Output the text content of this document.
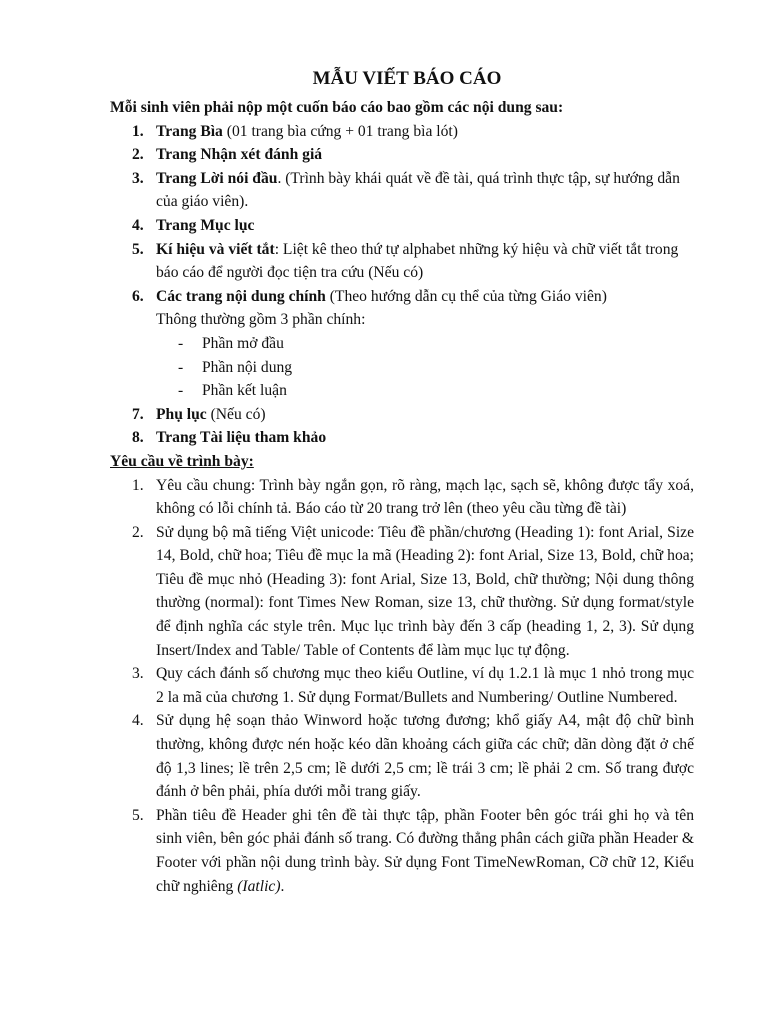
MẪU VIẾT BÁO CÁO

Mỗi sinh viên phải nộp một cuốn báo cáo bao gồm các nội dung sau:

1. Trang Bìa (01 trang bìa cứng + 01 trang bìa lót)
2. Trang Nhận xét đánh giá
3. Trang Lời nói đầu. (Trình bày khái quát về đề tài, quá trình thực tập, sự hướng dẫn của giáo viên).
4. Trang Mục lục
5. Kí hiệu và viết tắt: Liệt kê theo thứ tự alphabet những ký hiệu và chữ viết tắt trong báo cáo để người đọc tiện tra cứu (Nếu có)
6. Các trang nội dung chính (Theo hướng dẫn cụ thể của từng Giáo viên)

Thông thường gồm 3 phần chính:

- Phần mở đầu
- Phần nội dung
- Phần kết luận
7. Phụ lục (Nếu có)
8. Trang Tài liệu tham khảo

Yêu cầu về trình bày:

1. Yêu cầu chung: Trình bày ngắn gọn, rõ ràng, mạch lạc, sạch sẽ, không được tẩy xoá, không có lỗi chính tả. Báo cáo từ 20 trang trở lên (theo yêu cầu từng đề tài)
2. Sử dụng bộ mã tiếng Việt unicode: Tiêu đề phần/chương (Heading 1): font Arial, Size 14, Bold, chữ hoa; Tiêu đề mục la mã (Heading 2): font Arial, Size 13, Bold, chữ hoa; Tiêu đề mục nhỏ (Heading 3): font Arial, Size 13, Bold, chữ thường; Nội dung thông thường (normal): font Times New Roman, size 13, chữ thường. Sử dụng format/style để định nghĩa các style trên. Mục lục trình bày đến 3 cấp (heading 1, 2, 3). Sử dụng Insert/Index and Table/ Table of Contents để làm mục lục tự động.
3. Quy cách đánh số chương mục theo kiểu Outline, ví dụ 1.2.1 là mục 1 nhỏ trong mục 2 la mã của chương 1. Sử dụng Format/Bullets and Numbering/ Outline Numbered.
4. Sử dụng hệ soạn thảo Winword hoặc tương đương; khổ giấy A4, mật độ chữ bình thường, không được nén hoặc kéo dãn khoảng cách giữa các chữ; dãn dòng đặt ở chế độ 1,3 lines; lề trên 2,5 cm; lề dưới 2,5 cm; lề trái 3 cm; lề phải 2 cm. Số trang được đánh ở bên phải, phía dưới mỗi trang giấy.
5. Phần tiêu đề Header ghi tên đề tài thực tập, phần Footer bên góc trái ghi họ và tên sinh viên, bên góc phải đánh số trang. Có đường thẳng phân cách giữa phần Header & Footer với phần nội dung trình bày. Sử dụng Font TimeNewRoman, Cỡ chữ 12, Kiểu chữ nghiêng (Iatlic).
